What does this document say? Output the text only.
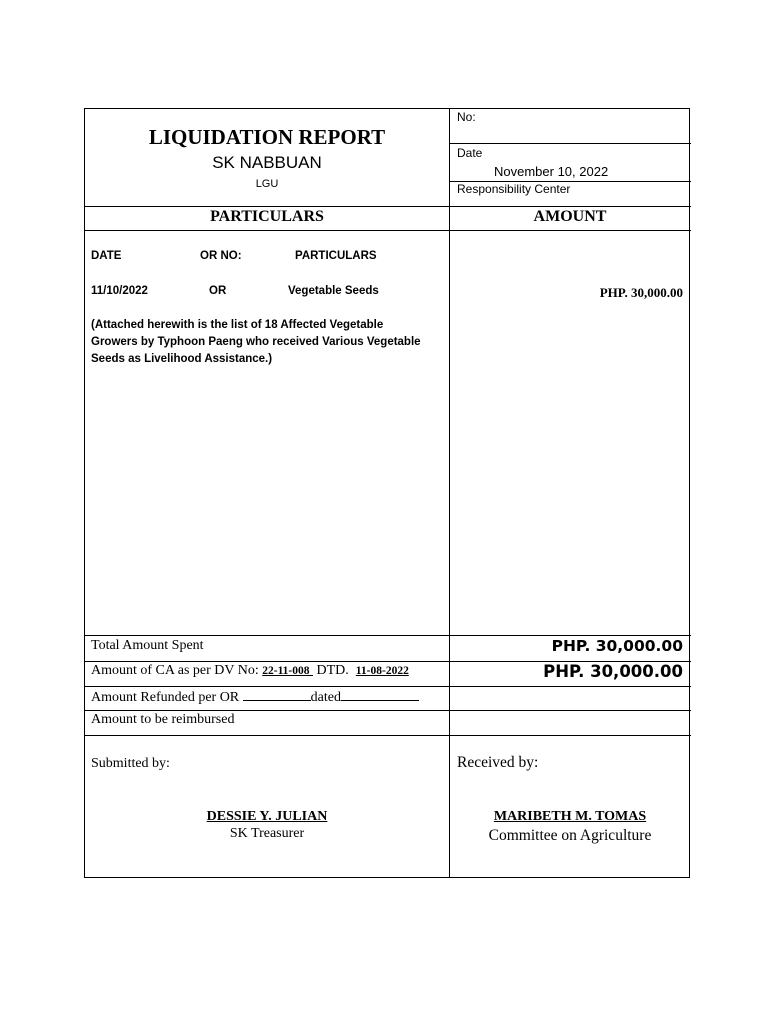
LIQUIDATION REPORT
SK NABBUAN
LGU
No:
Date
November 10, 2022
Responsibility Center
PARTICULARS	AMOUNT
DATE	OR NO:	PARTICULARS
11/10/2022	OR	Vegetable Seeds	PHP. 30,000.00
(Attached herewith is the list of 18 Affected Vegetable
Growers by Typhoon Paeng who received Various Vegetable
Seeds as Livelihood Assistance.)
Total Amount Spent	PHP. 30,000.00
Amount of CA as per DV No: 22-11-008 DTD. 11-08-2022	PHP. 30,000.00
Amount Refunded per OR	dated
Amount to be reimbursed
Submitted by:
DESSIE Y. JULIAN
SK Treasurer
Received by:
MARIBETH M. TOMAS
Committee on Agriculture
